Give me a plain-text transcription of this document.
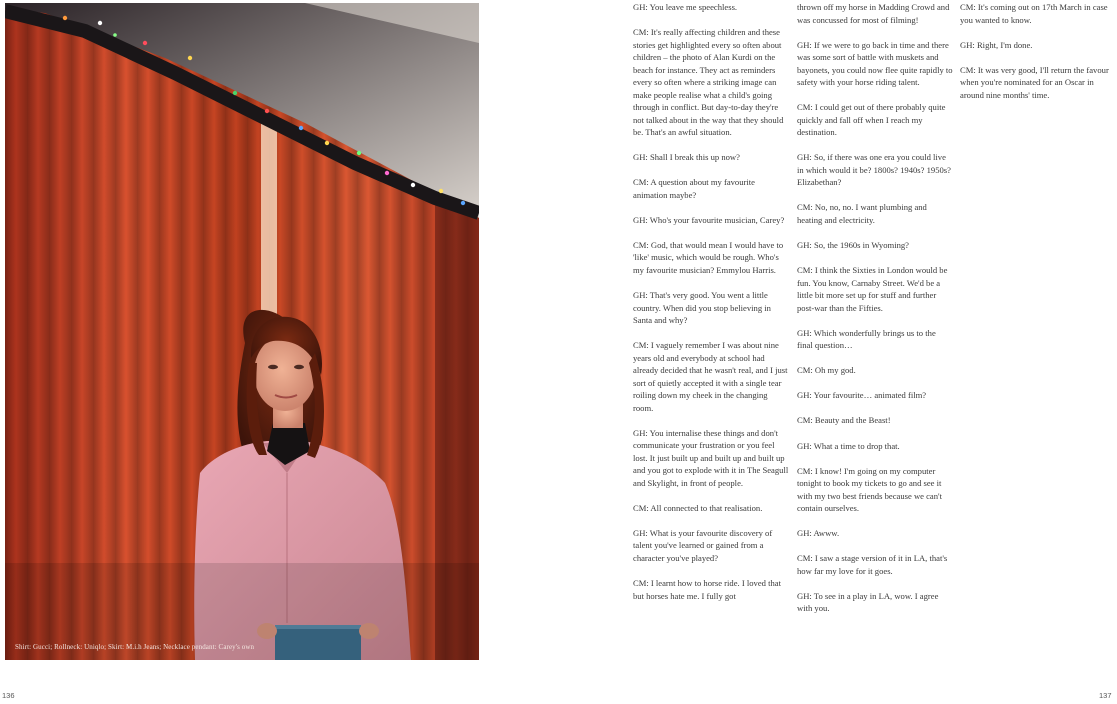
Shirt: Gucci; Rollneck: Uniqlo; Skirt: M.i.h Jeans; Necklace pendant: Carey's own

GH: You leave me speechless.

CM: It's really affecting children and these stories get highlighted every so often about children – the photo of Alan Kurdi on the beach for instance. They act as reminders every so often where a striking image can make people realise what a child's going through in conflict. But day-to-day they're not talked about in the way that they should be. That's an awful situation.

GH: Shall I break this up now?

CM: A question about my favourite animation maybe?

GH: Who's your favourite musician, Carey?

CM: God, that would mean I would have to 'like' music, which would be rough. Who's my favourite musician? Emmylou Harris.

GH: That's very good. You went a little country. When did you stop believing in Santa and why?

CM: I vaguely remember I was about nine years old and everybody at school had already decided that he wasn't real, and I just sort of quietly accepted it with a single tear roiling down my cheek in the changing room.

GH: You internalise these things and don't communicate your frustration or you feel lost. It just built up and built up and built up and you got to explode with it in The Seagull and Skylight, in front of people.

CM: All connected to that realisation.

GH: What is your favourite discovery of talent you've learned or gained from a character you've played?

CM: I learnt how to horse ride. I loved that but horses hate me. I fully got

thrown off my horse in Madding Crowd and was concussed for most of filming!

GH: If we were to go back in time and there was some sort of battle with muskets and bayonets, you could now flee quite rapidly to safety with your horse riding talent.

CM: I could get out of there probably quite quickly and fall off when I reach my destination.

GH: So, if there was one era you could live in which would it be? 1800s? 1940s? 1950s? Elizabethan?

CM: No, no, no. I want plumbing and heating and electricity.

GH: So, the 1960s in Wyoming?

CM: I think the Sixties in London would be fun. You know, Carnaby Street. We'd be a little bit more set up for stuff and further post-war than the Fifties.

GH: Which wonderfully brings us to the final question…

CM: Oh my god.

GH: Your favourite… animated film?

CM: Beauty and the Beast!

GH: What a time to drop that.

CM: I know! I'm going on my computer tonight to book my tickets to go and see it with my two best friends because we can't contain ourselves.

GH: Awww.

CM: I saw a stage version of it in LA, that's how far my love for it goes.

GH: To see in a play in LA, wow. I agree with you.

CM: It's coming out on 17th March in case you wanted to know.

GH: Right, I'm done.

CM: It was very good, I'll return the favour when you're nominated for an Oscar in around nine months' time.

136	137
